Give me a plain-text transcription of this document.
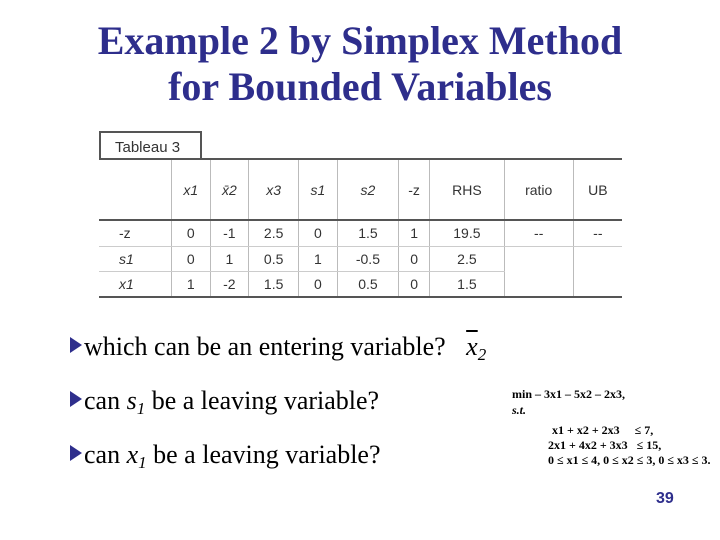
Example 2 by Simplex Method
for Bounded Variables
Tableau 3
	x1	x̄2	x3	s1	s2	-z	RHS	ratio	UB
-z	0	-1	2.5	0	1.5	1	19.5	--	--
s1	0	1	0.5	1	-0.5	0	2.5		
x1	1	-2	1.5	0	0.5	0	1.5		
which can be an entering variable? $\overline{x}_2$
can $s_1$ be a leaving variable?
can $x_1$ be a leaving variable?
min – 3x1 – 5x2 – 2x3,
s.t.
x1 + x2 + 2x3     ≤ 7,
2x1 + 4x2 + 3x3   ≤ 15,
0 ≤ x1 ≤ 4, 0 ≤ x2 ≤ 3, 0 ≤ x3 ≤ 3.
39
